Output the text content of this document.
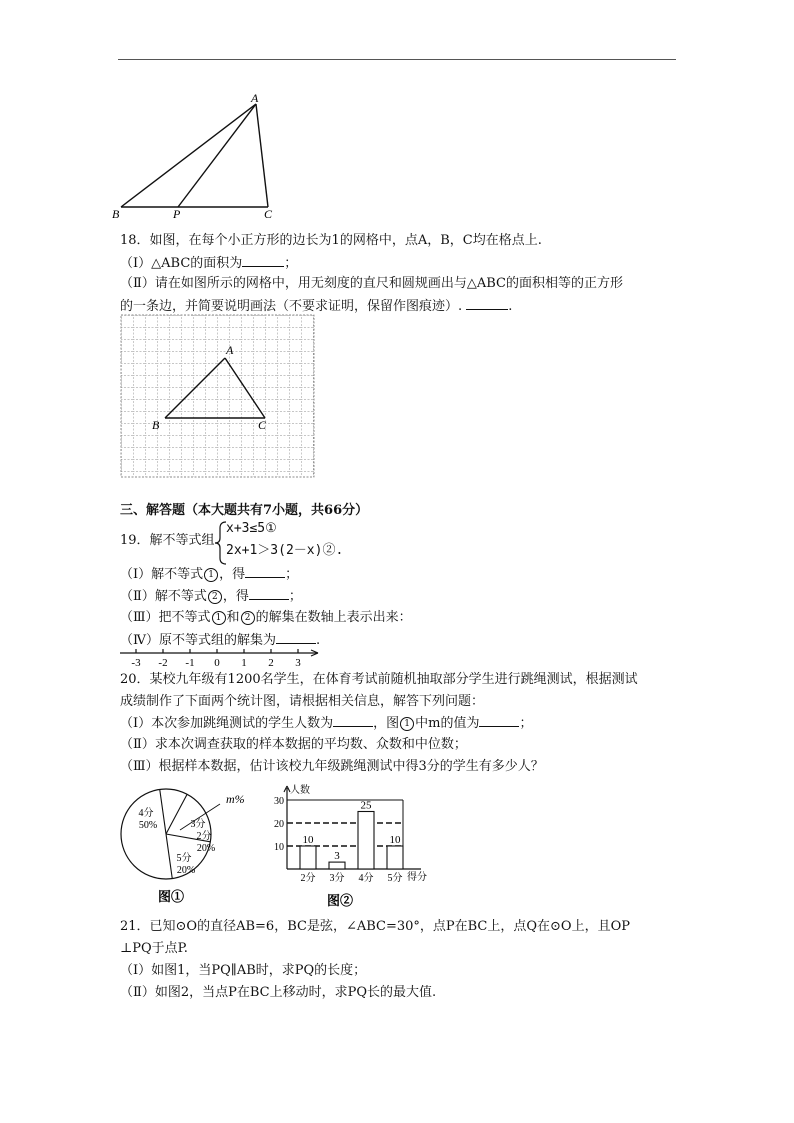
A
B	P	C
18．如图，在每个小正方形的边长为1的网格中，点A，B，C均在格点上.
（Ⅰ）△ABC的面积为	；
（Ⅱ）请在如图所示的网格中，用无刻度的直尺和圆规画出与△ABC的面积相等的正方形
的一条边，并简要说明画法（不要求证明，保留作图痕迹）.	.
A
B	C
三、解答题（本大题共有7小题，共66分）
19．解不等式组
x+3≤5①
2x+1＞3(2－x)②.
（Ⅰ）解不等式 1 ，得	；
（Ⅱ）解不等式 2 ，得	；
（Ⅲ）把不等式 1 和 2 的解集在数轴上表示出来：
（Ⅳ）原不等式组的解集为	.
-3 -2 -1 0 1 2 3
20．某校九年级有1200名学生，在体育考试前随机抽取部分学生进行跳绳测试，根据测试
成绩制作了下面两个统计图，请根据相关信息，解答下列问题：
（Ⅰ）本次参加跳绳测试的学生人数为	，图 1 中m的值为	；
（Ⅱ）求本次调查获取的样本数据的平均数、众数和中位数；
（Ⅲ）根据样本数据，估计该校九年级跳绳测试中得3分的学生有多少人？
4分
50%	3分
m%
2分
20%
5分
20%
图①
10
20
30
人数
得分
10
2分
3
3分
25
4分
10
5分
图②
21．已知⊙O的直径AB=6，BC是弦，∠ABC=30°，点P在BC上，点Q在⊙O上，且OP
⊥PQ于点P.
（Ⅰ）如图1，当PQ∥AB时，求PQ的长度；
（Ⅱ）如图2，当点P在BC上移动时，求PQ长的最大值.
